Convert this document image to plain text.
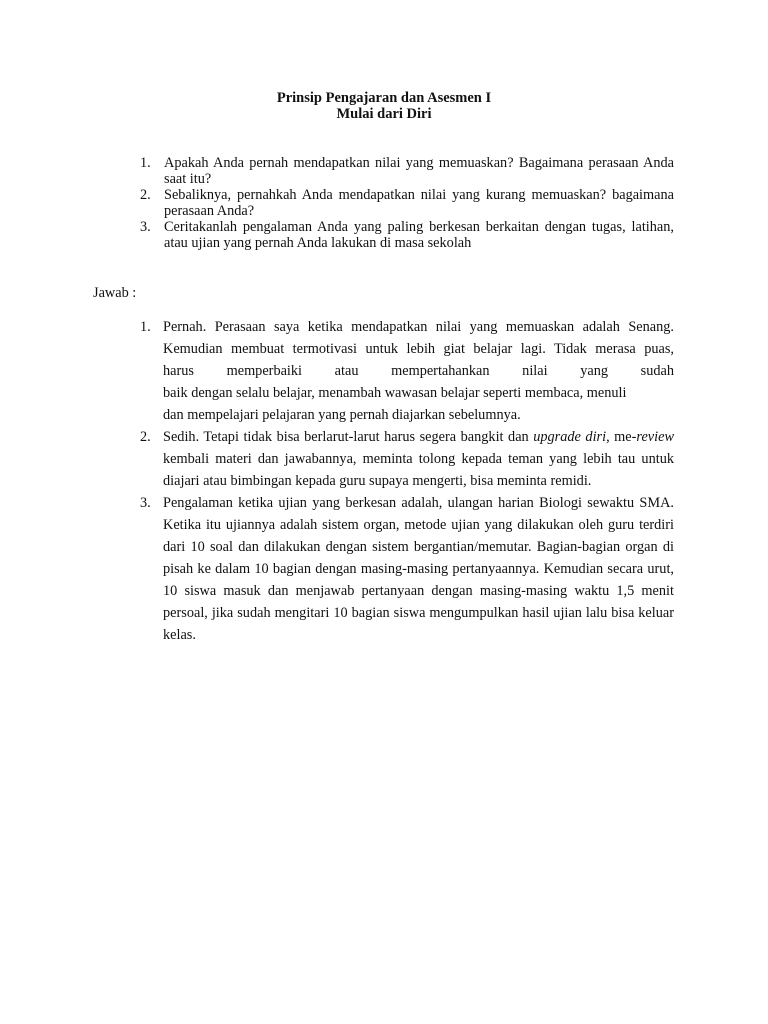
Prinsip Pengajaran dan Asesmen I
Mulai dari Diri
1. Apakah Anda pernah mendapatkan nilai yang memuaskan? Bagaimana perasaan Anda saat itu?
2. Sebaliknya, pernahkah Anda mendapatkan nilai yang kurang memuaskan? bagaimana perasaan Anda?
3. Ceritakanlah pengalaman Anda yang paling berkesan berkaitan dengan tugas, latihan, atau ujian yang pernah Anda lakukan di masa sekolah
Jawab :
1. Pernah. Perasaan saya ketika mendapatkan nilai yang memuaskan adalah Senang.
Kemudian membuat termotivasi untuk lebih giat belajar lagi. Tidak merasa puas,
harus memperbaiki atau mempertahankan nilai yang sudah
baik dengan selalu belajar, menambah wawasan belajar seperti membaca, menuli
dan mempelajari pelajaran yang pernah diajarkan sebelumnya.
2. Sedih. Tetapi tidak bisa berlarut-larut harus segera bangkit dan upgrade diri, me-review kembali materi dan jawabannya, meminta tolong kepada teman yang lebih tau untuk diajari atau bimbingan kepada guru supaya mengerti, bisa meminta remidi.
3. Pengalaman ketika ujian yang berkesan adalah, ulangan harian Biologi sewaktu SMA. Ketika itu ujiannya adalah sistem organ, metode ujian yang dilakukan oleh guru terdiri dari 10 soal dan dilakukan dengan sistem bergantian/memutar. Bagian-bagian organ di pisah ke dalam 10 bagian dengan masing-masing pertanyaannya. Kemudian secara urut, 10 siswa masuk dan menjawab pertanyaan dengan masing-masing waktu 1,5 menit persoal, jika sudah mengitari 10 bagian siswa mengumpulkan hasil ujian lalu bisa keluar kelas.
